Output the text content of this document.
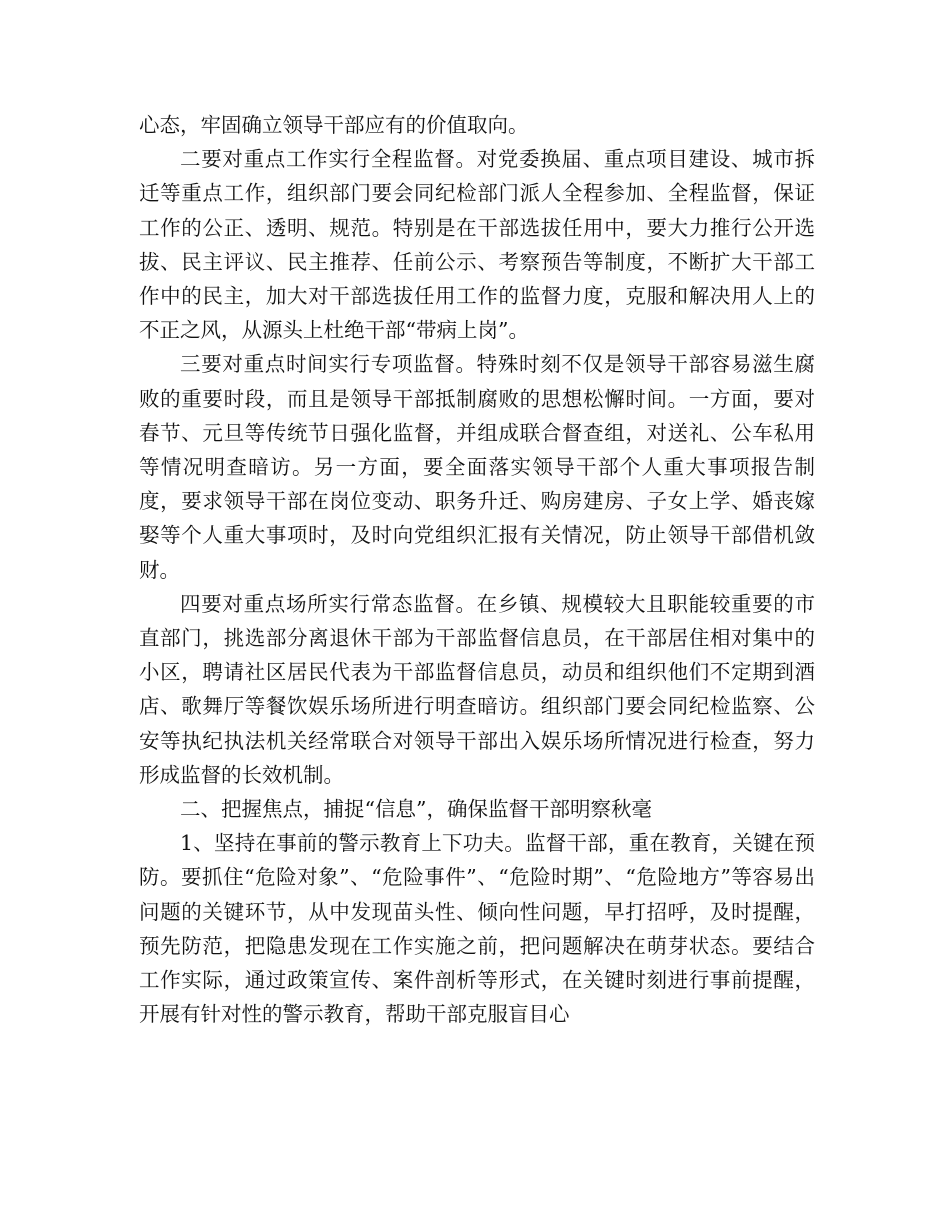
心态，牢固确立领导干部应有的价值取向。

二要对重点工作实行全程监督。对党委换届、重点项目建设、城市拆迁等重点工作，组织部门要会同纪检部门派人全程参加、全程监督，保证工作的公正、透明、规范。特别是在干部选拔任用中，要大力推行公开选拔、民主评议、民主推荐、任前公示、考察预告等制度，不断扩大干部工作中的民主，加大对干部选拔任用工作的监督力度，克服和解决用人上的不正之风，从源头上杜绝干部“带病上岗”。

三要对重点时间实行专项监督。特殊时刻不仅是领导干部容易滋生腐败的重要时段，而且是领导干部抵制腐败的思想松懈时间。一方面，要对春节、元旦等传统节日强化监督，并组成联合督查组，对送礼、公车私用等情况明查暗访。另一方面，要全面落实领导干部个人重大事项报告制度，要求领导干部在岗位变动、职务升迁、购房建房、子女上学、婚丧嫁娶等个人重大事项时，及时向党组织汇报有关情况，防止领导干部借机敛财。

四要对重点场所实行常态监督。在乡镇、规模较大且职能较重要的市直部门，挑选部分离退休干部为干部监督信息员，在干部居住相对集中的小区，聘请社区居民代表为干部监督信息员，动员和组织他们不定期到酒店、歌舞厅等餐饮娱乐场所进行明查暗访。组织部门要会同纪检监察、公安等执纪执法机关经常联合对领导干部出入娱乐场所情况进行检查，努力形成监督的长效机制。

二、把握焦点，捕捉“信息”，确保监督干部明察秋毫

1、坚持在事前的警示教育上下功夫。监督干部，重在教育，关键在预防。要抓住“危险对象”、“危险事件”、“危险时期”、“危险地方”等容易出问题的关键环节，从中发现苗头性、倾向性问题，早打招呼，及时提醒，预先防范，把隐患发现在工作实施之前，把问题解决在萌芽状态。要结合工作实际，通过政策宣传、案件剖析等形式，在关键时刻进行事前提醒，开展有针对性的警示教育，帮助干部克服盲目心
